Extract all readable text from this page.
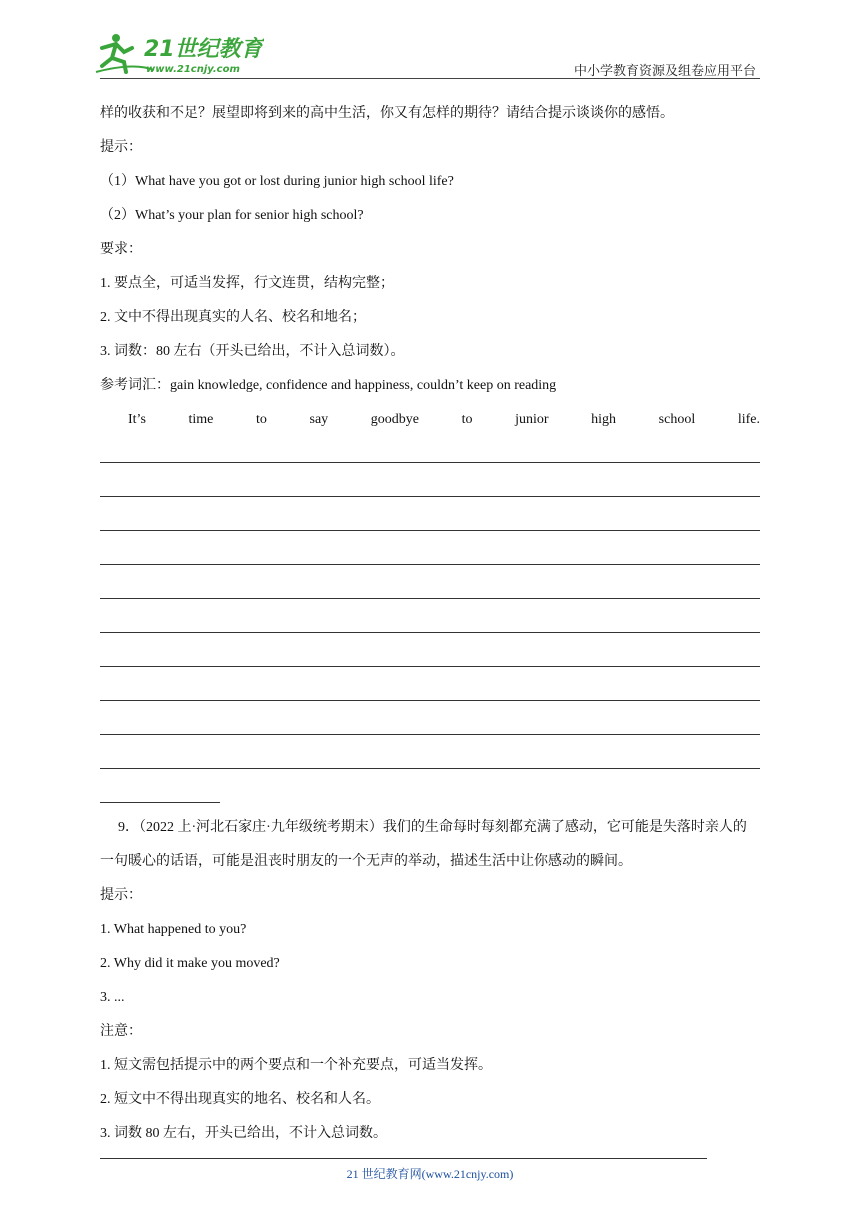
21世纪教育
www.21cnjy.com	中小学教育资源及组卷应用平台
样的收获和不足？展望即将到来的高中生活，你又有怎样的期待？请结合提示谈谈你的感悟。
提示：
（1）What have you got or lost during junior high school life?
（2）What’s your plan for senior high school?
要求：
1. 要点全，可适当发挥，行文连贯，结构完整；
2. 文中不得出现真实的人名、校名和地名；
3. 词数：80 左右（开头已给出，不计入总词数）。
参考词汇：gain knowledge, confidence and happiness, couldn’t keep on reading
It’s	time	to	say	goodbye	to	junior	high	school	life.
9．（2022 上·河北石家庄·九年级统考期末）我们的生命每时每刻都充满了感动，它可能是失落时亲人的一句暖心的话语，可能是沮丧时朋友的一个无声的举动，描述生活中让你感动的瞬间。
提示：
1. What happened to you?
2. Why did it make you moved?
3. ...
注意：
1. 短文需包括提示中的两个要点和一个补充要点，可适当发挥。
2. 短文中不得出现真实的地名、校名和人名。
3. 词数 80 左右，开头已给出，不计入总词数。
21 世纪教育网(www.21cnjy.com)
